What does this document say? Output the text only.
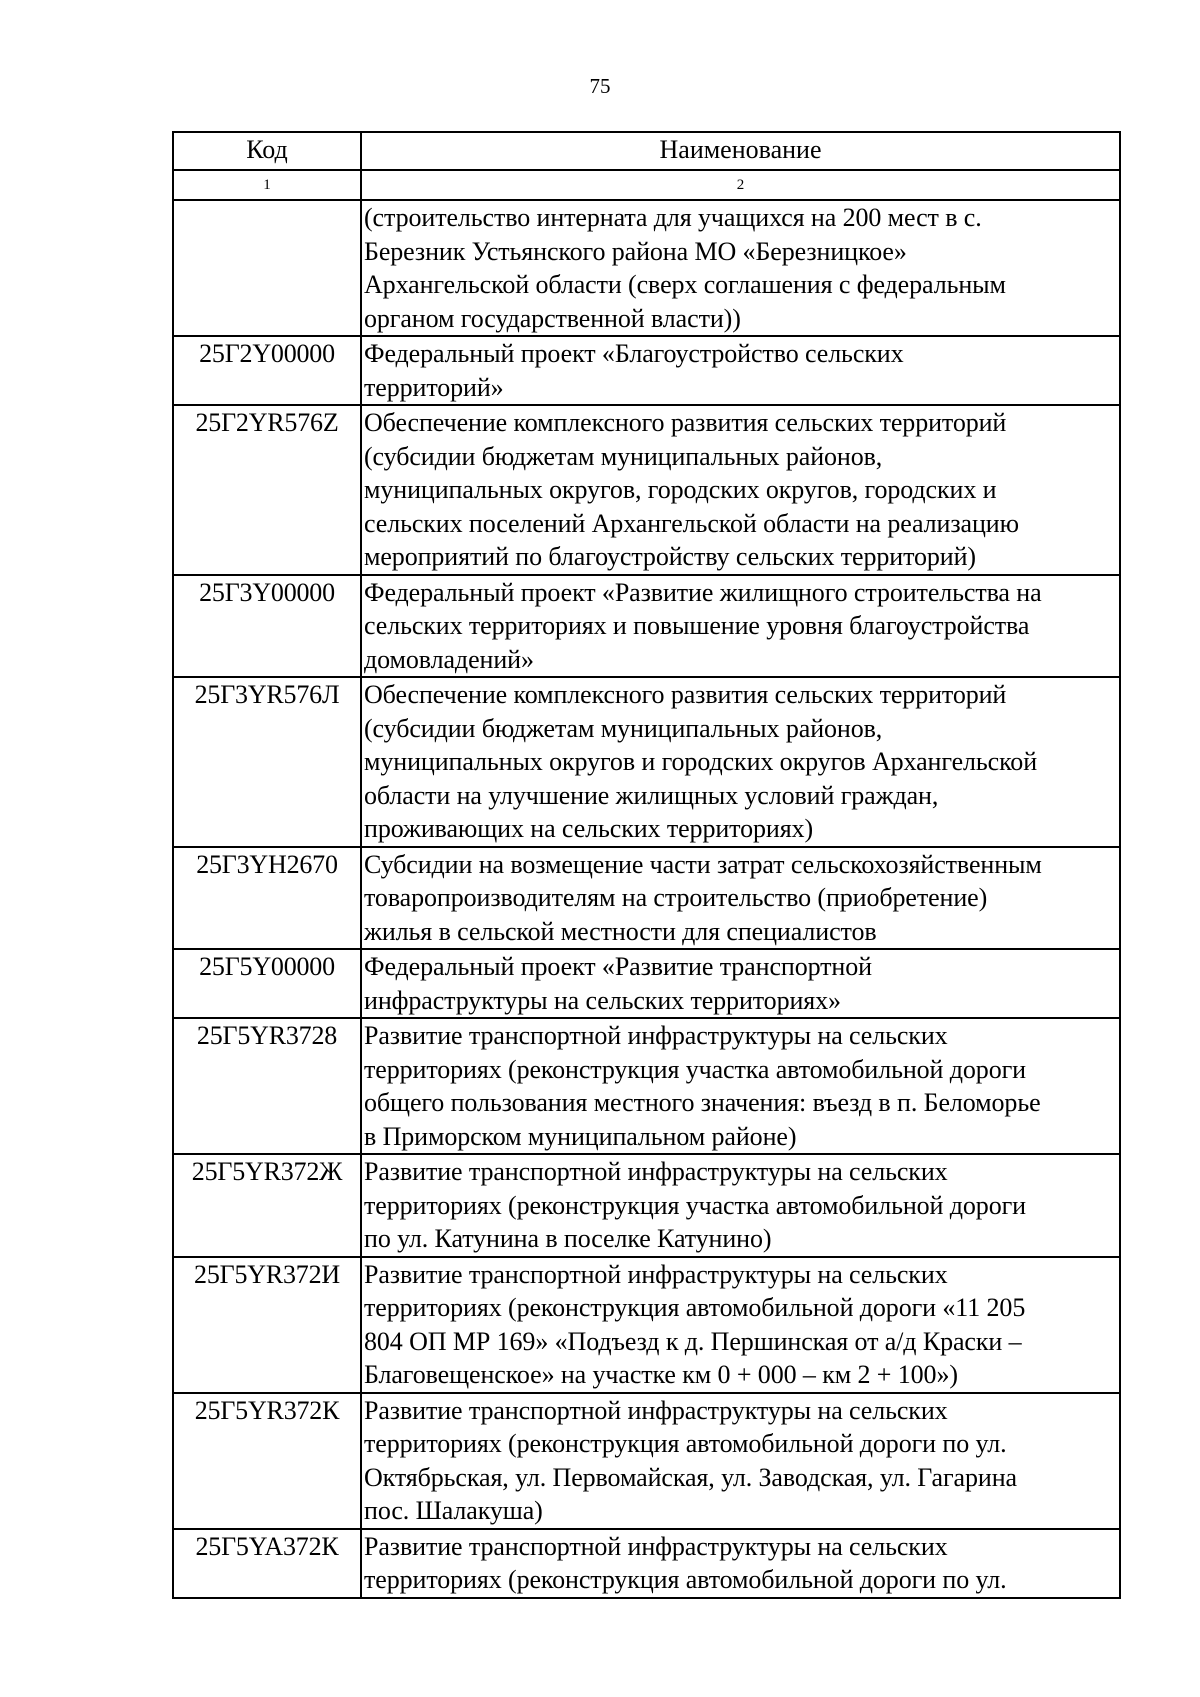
75
Код	Наименование
1	2

	(строительство интерната для учащихся на 200 мест в с.
Березник Устьянского района МО «Березницкое»
Архангельской области (сверх соглашения с федеральным
органом государственной власти))

25Г2Y00000	Федеральный проект «Благоустройство сельских
территорий»

25Г2YR576Z	Обеспечение комплексного развития сельских территорий
(субсидии бюджетам муниципальных районов,
муниципальных округов, городских округов, городских и
сельских поселений Архангельской области на реализацию
мероприятий по благоустройству сельских территорий)

25Г3Y00000	Федеральный проект «Развитие жилищного строительства на
сельских территориях и повышение уровня благоустройства
домовладений»

25Г3YR576Л	Обеспечение комплексного развития сельских территорий
(субсидии бюджетам муниципальных районов,
муниципальных округов и городских округов Архангельской
области на улучшение жилищных условий граждан,
проживающих на сельских территориях)

25Г3YH2670	Субсидии на возмещение части затрат сельскохозяйственным
товаропроизводителям на строительство (приобретение)
жилья в сельской местности для специалистов

25Г5Y00000	Федеральный проект «Развитие транспортной
инфраструктуры на сельских территориях»

25Г5YR3728	Развитие транспортной инфраструктуры на сельских
территориях (реконструкция участка автомобильной дороги
общего пользования местного значения: въезд в п. Беломорье
в Приморском муниципальном районе)

25Г5YR372Ж	Развитие транспортной инфраструктуры на сельских
территориях (реконструкция участка автомобильной дороги
по ул. Катунина в поселке Катунино)

25Г5YR372И	Развитие транспортной инфраструктуры на сельских
территориях (реконструкция автомобильной дороги «11 205
804 ОП МР 169» «Подъезд к д. Першинская от а/д Краски –
Благовещенское» на участке км 0 + 000 – км 2 + 100»)

25Г5YR372К	Развитие транспортной инфраструктуры на сельских
территориях (реконструкция автомобильной дороги по ул.
Октябрьская, ул. Первомайская, ул. Заводская, ул. Гагарина
пос. Шалакуша)

25Г5YA372К	Развитие транспортной инфраструктуры на сельских
территориях (реконструкция автомобильной дороги по ул.
